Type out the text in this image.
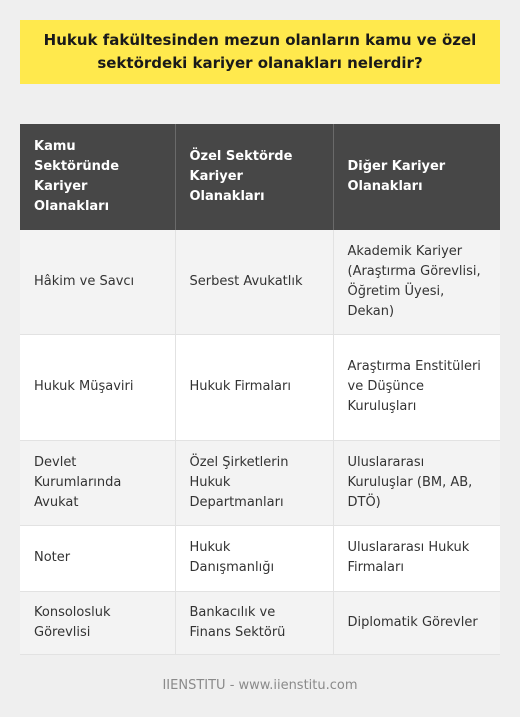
Hukuk fakültesinden mezun olanların kamu ve özel sektördeki kariyer olanakları nelerdir?
Kamu Sektöründe Kariyer Olanakları	Özel Sektörde Kariyer Olanakları	Diğer Kariyer Olanakları
Hâkim ve Savcı	Serbest Avukatlık	Akademik Kariyer (Araştırma Görevlisi, Öğretim Üyesi, Dekan)
Hukuk Müşaviri	Hukuk Firmaları	Araştırma Enstitüleri ve Düşünce Kuruluşları
Devlet Kurumlarında Avukat	Özel Şirketlerin Hukuk Departmanları	Uluslararası Kuruluşlar (BM, AB, DTÖ)
Noter	Hukuk Danışmanlığı	Uluslararası Hukuk Firmaları
Konsolosluk Görevlisi	Bankacılık ve Finans Sektörü	Diplomatik Görevler
IIENSTITU - www.iienstitu.com
